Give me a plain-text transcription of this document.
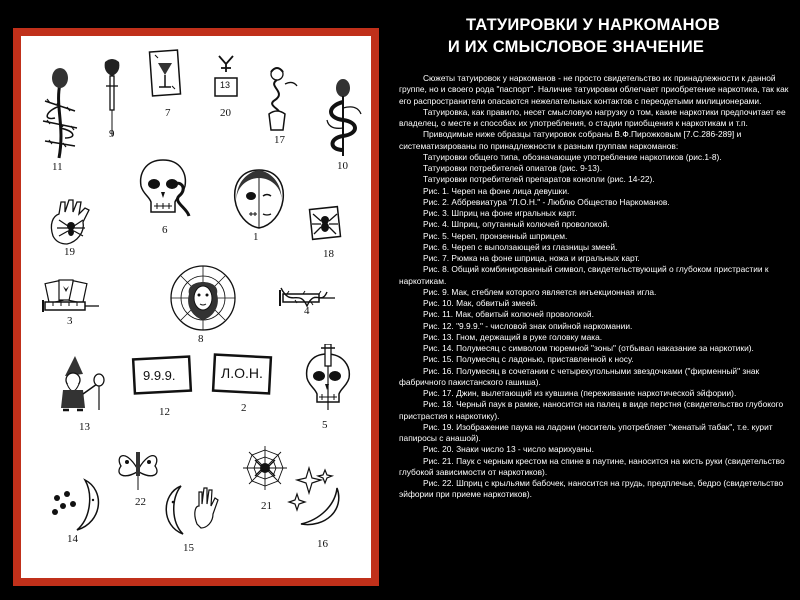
11
9
7
13
20
17
10
6
1
19	18
3
8
4
13
9.9.9.
12
Л.О.Н.
2
5
22	21
14
15	16
ТАТУИРОВКИ У НАРКОМАНОВ
И ИХ СМЫСЛОВОЕ ЗНАЧЕНИЕ

Сюжеты татуировок у наркоманов - не просто свидетельство их принадлежности к данной группе, но и своего рода "паспорт". Наличие татуировки облегчает приобретение наркотика, так как его распространители опасаются нежелательных контактов с переодетыми милиционерами.

Татуировка, как правило, несет смысловую нагрузку о том, какие наркотики предпочитает ее владелец, о месте и способах их употребления, о стадии приобщения к наркотикам и т.п.

Приводимые ниже образцы татуировок собраны В.Ф.Пирожковым [7.С.286-289] и систематизированы по принадлежности к разным группам наркоманов:

Татуировки общего типа, обозначающие употребление наркотиков (рис.1-8).

Татуировки потребителей опиатов (рис. 9-13).

Татуировки потребителей препаратов конопли (рис. 14-22).

Рис. 1. Череп на фоне лица девушки.

Рис. 2. Аббревиатура "Л.О.Н." - Люблю Общество Наркоманов.

Рис. 3. Шприц на фоне игральных карт.

Рис. 4. Шприц, опутанный колючей проволокой.

Рис. 5. Череп, пронзенный шприцем.

Рис. 6. Череп с выползающей из глазницы змеей.

Рис. 7. Рюмка на фоне шприца, ножа и игральных карт.

Рис. 8. Общий комбинированный символ, свидетельствующий о глубоком пристрастии к наркотикам.

Рис. 9. Мак, стеблем которого является инъекционная игла.

Рис. 10. Мак, обвитый змеей.

Рис. 11. Мак, обвитый колючей проволокой.

Рис. 12. "9.9.9." - числовой знак опийной наркомании.

Рис. 13. Гном, держащий в руке головку мака.

Рис. 14. Полумесяц с символом тюремной "зоны" (отбывал наказание за наркотики).

Рис. 15. Полумесяц с ладонью, приставленной к носу.

Рис. 16. Полумесяц в сочетании с четырехугольными звездочками ("фирменный" знак фабричного пакистанского гашиша).

Рис. 17. Джин, вылетающий из кувшина (переживание наркотической эйфории).

Рис. 18. Черный паук в рамке, наносится на палец в виде перстня (свидетельство глубокого пристрастия к наркотику).

Рис. 19. Изображение паука на ладони (носитель употребляет "женатый табак", т.е. курит папиросы с анашой).

Рис. 20. Знаки число 13 - число марихуаны.

Рис. 21. Паук с черным крестом на спине в паутине, наносится на кисть руки (свидетельство глубокой зависимости от наркотиков).

Рис. 22. Шприц с крыльями бабочек, наносится на грудь, предплечье, бедро (свидетельство эйфории при приеме наркотиков).
